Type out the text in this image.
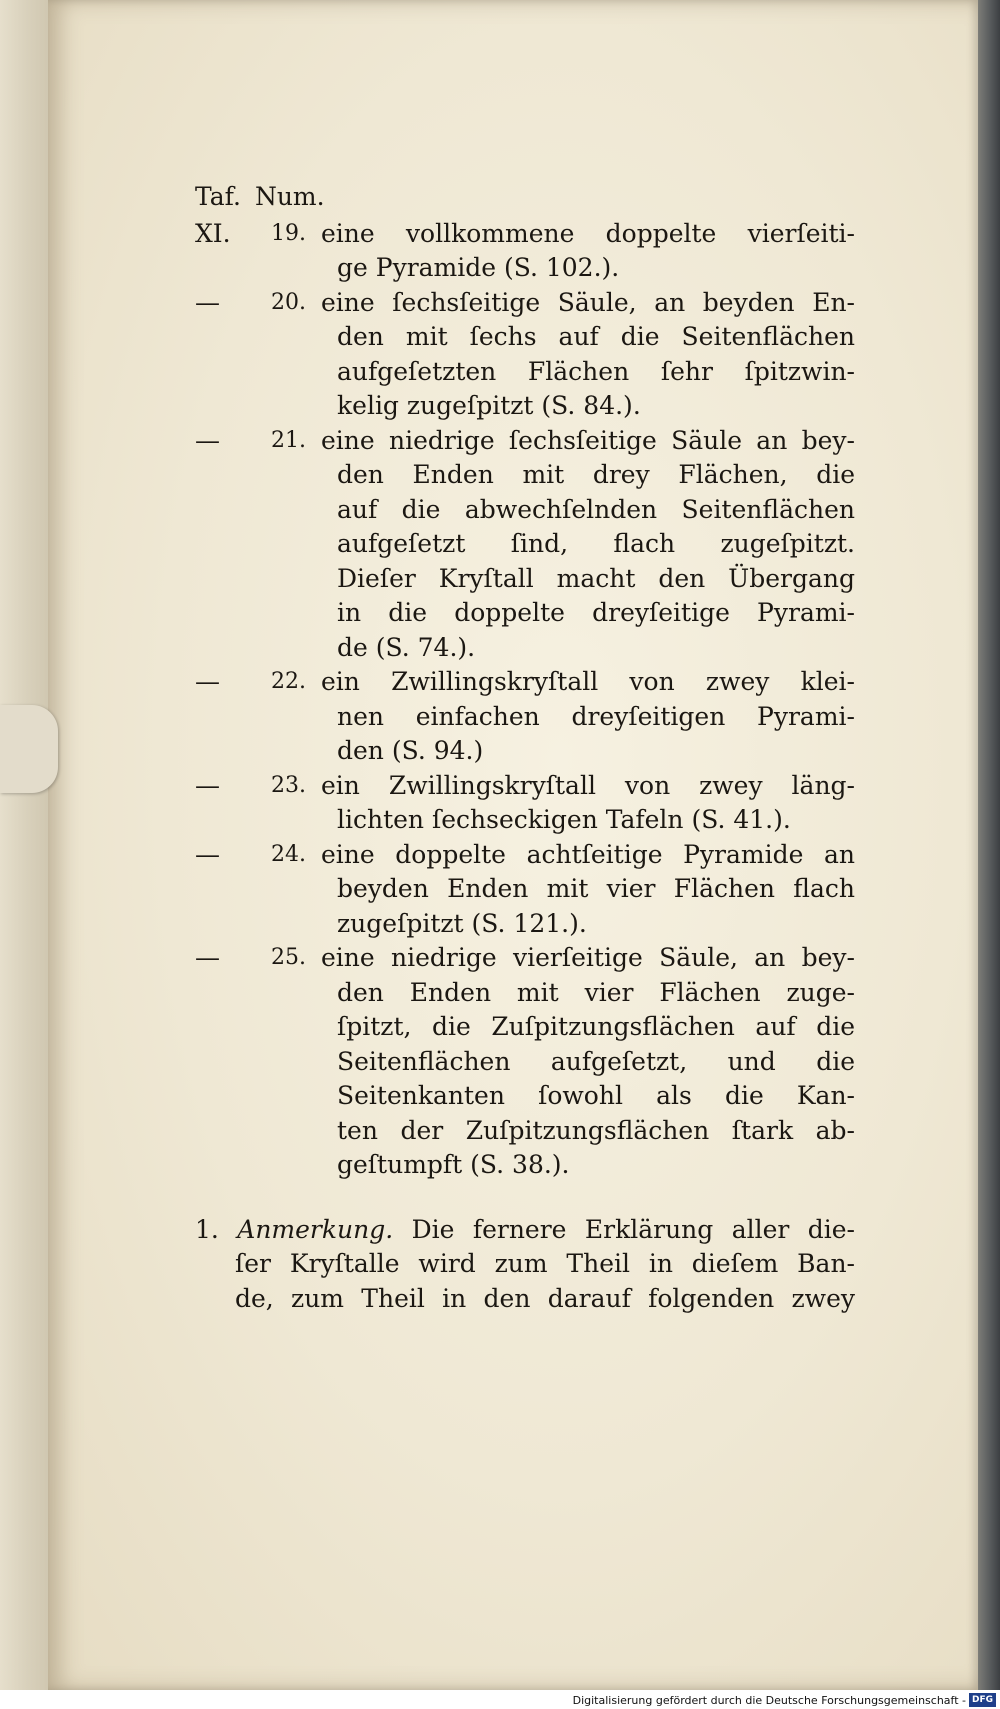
Taf. Num.
XI.	19. eine vollkommene doppelte vierſeiti-
ge Pyramide (S. 102.).
—	20. eine ſechsſeitige Säule, an beyden En-
den mit ſechs auf die Seitenflächen
aufgeſetzten Flächen ſehr ſpitzwin-
kelig zugeſpitzt (S. 84.).
—	21. eine niedrige ſechsſeitige Säule an bey-
den Enden mit drey Flächen, die
auf die abwechſelnden Seitenflächen
aufgeſetzt ſind, flach zugeſpitzt.
Dieſer Kryſtall macht den Übergang
in die doppelte dreyſeitige Pyrami-
de (S. 74.).
—	22. ein Zwillingskryſtall von zwey klei-
nen einfachen dreyſeitigen Pyrami-
den (S. 94.)
—	23. ein Zwillingskryſtall von zwey läng-
lichten ſechseckigen Tafeln (S. 41.).
—	24. eine doppelte achtſeitige Pyramide an
beyden Enden mit vier Flächen flach
zugeſpitzt (S. 121.).
—	25. eine niedrige vierſeitige Säule, an bey-
den Enden mit vier Flächen zuge-
ſpitzt, die Zuſpitzungsflächen auf die
Seitenflächen aufgeſetzt, und die
Seitenkanten ſowohl als die Kan-
ten der Zuſpitzungsflächen ſtark ab-
geſtumpft (S. 38.).
1. Anmerkung. Die fernere Erklärung aller die-
ſer Kryſtalle wird zum Theil in dieſem Ban-
de, zum Theil in den darauf folgenden zwey
Digitalisierung gefördert durch die Deutsche Forschungsgemeinschaft - DFG
